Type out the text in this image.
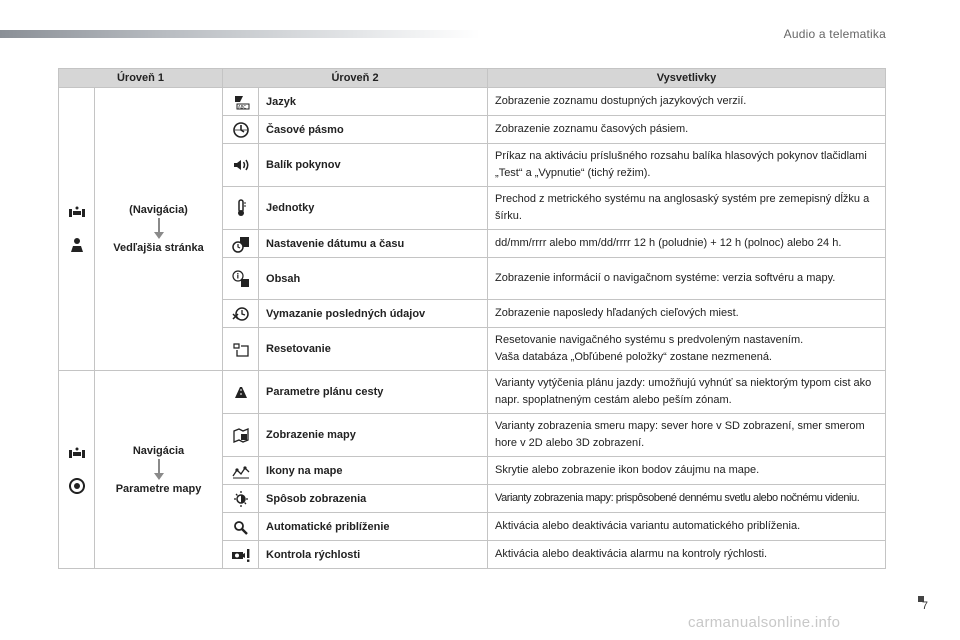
Audio a telematika
Úroveň 1		Úroveň 2		Vysvetlivky

(Navigácia)
Vedľajšia stránka	ABC	Jazyk	Zobrazenie zoznamu dostupných jazykových verzií.

	Časové pásmo	Zobrazenie zoznamu časových pásiem.

	Balík pokynov	Príkaz na aktiváciu príslušného rozsahu balíka hlasových pokynov tlačidlami „Test“ a „Vypnutie“ (tichý režim).

	Jednotky	Prechod z metrického systému na anglosaský systém pre zemepisný dĺžku a šírku.

	Nastavenie dátumu a času	dd/mm/rrrr alebo mm/dd/rrrr 12 h (poludnie) + 12 h (polnoc) alebo 24 h.

i	Obsah	Zobrazenie informácií o navigačnom systéme: verzia softvéru a mapy.

	Vymazanie posledných údajov	Zobrazenie naposledy hľadaných cieľových miest.

	Resetovanie	Resetovanie navigačného systému s predvoleným nastavením.
Vaša databáza „Obľúbené položky“ zostane nezmenená.

Navigácia
Parametre mapy		Parametre plánu cesty	Varianty vytýčenia plánu jazdy: umožňujú vyhnúť sa niektorým typom cist ako napr. spoplatneným cestám alebo peším zónam.

	Zobrazenie mapy	Varianty zobrazenia smeru mapy: sever hore v SD zobrazení, smer smerom hore v 2D alebo 3D zobrazení.

	Ikony na mape	Skrytie alebo zobrazenie ikon bodov záujmu na mape.

	Spôsob zobrazenia	Varianty zobrazenia mapy: prispôsobené dennému svetlu alebo nočnému videniu.

	Automatické priblíženie	Aktivácia alebo deaktivácia variantu automatického priblíženia.

	Kontrola rýchlosti	Aktivácia alebo deaktivácia alarmu na kontroly rýchlosti.
7
carmanualsonline.info
